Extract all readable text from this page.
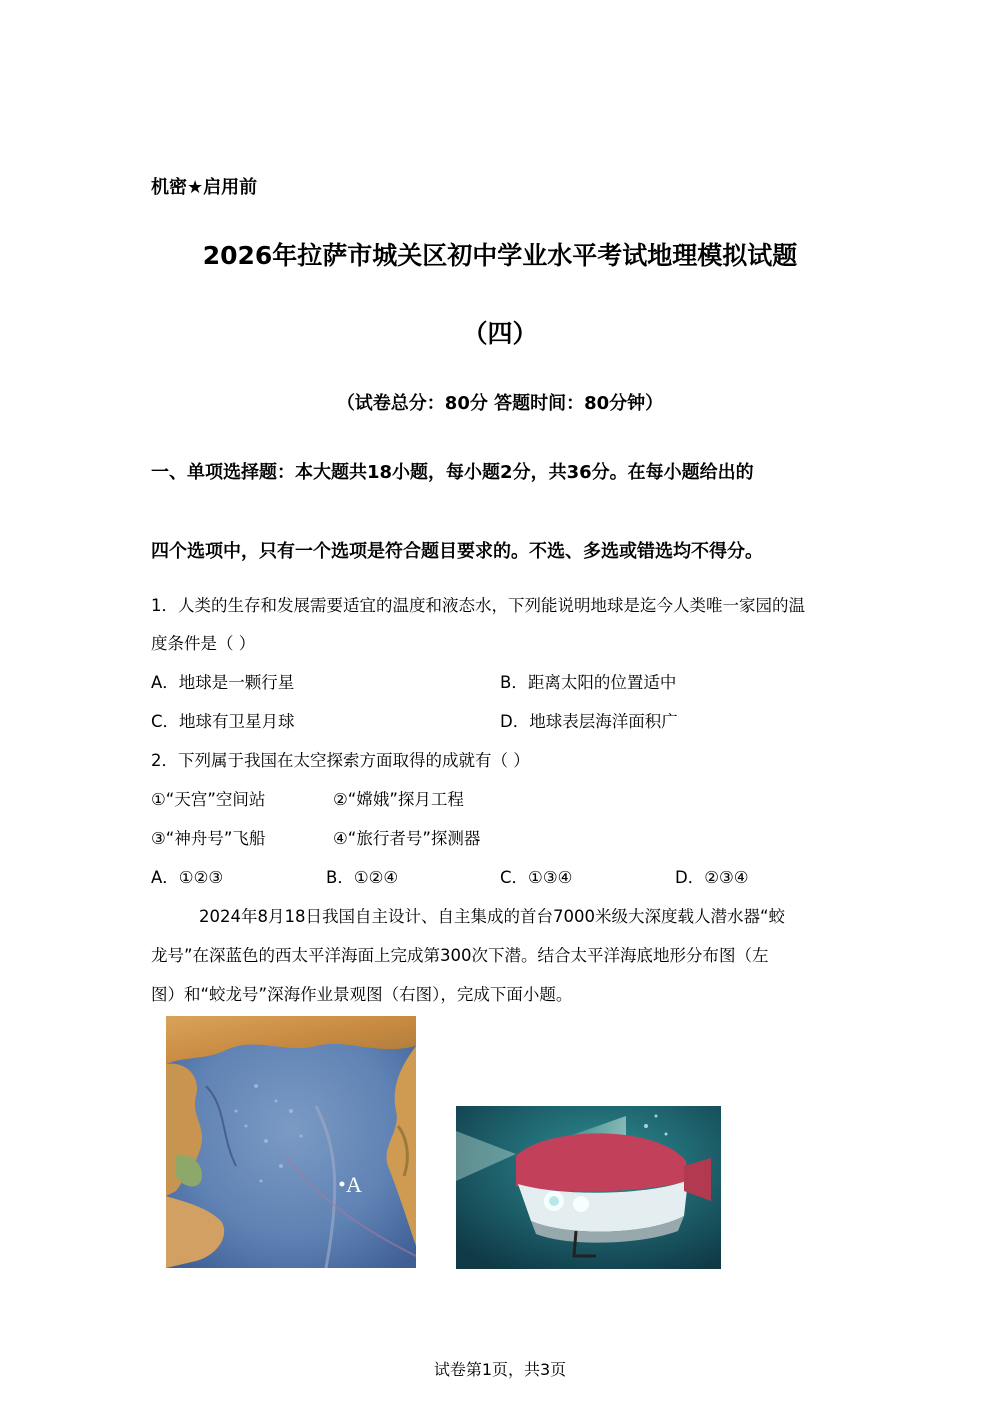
机密★启用前
2026年拉萨市城关区初中学业水平考试地理模拟试题
（四）
（试卷总分：80分 答题时间：80分钟）
一、单项选择题：本大题共18小题，每小题2分，共36分。在每小题给出的
四个选项中，只有一个选项是符合题目要求的。不选、多选或错选均不得分。
1．人类的生存和发展需要适宜的温度和液态水，下列能说明地球是迄今人类唯一家园的温
度条件是（ ）
A．地球是一颗行星	B．距离太阳的位置适中
C．地球有卫星月球	D．地球表层海洋面积广
2．下列属于我国在太空探索方面取得的成就有（ ）
①“天宫”空间站	②“嫦娥”探月工程
③“神舟号”飞船	④“旅行者号”探测器
A．①②③	B．①②④	C．①③④	D．②③④
2024年8月18日我国自主设计、自主集成的首台7000米级大深度载人潜水器“蛟
龙号”在深蓝色的西太平洋海面上完成第300次下潜。结合太平洋海底地形分布图（左
图）和“蛟龙号”深海作业景观图（右图），完成下面小题。
A
试卷第1页，共3页
